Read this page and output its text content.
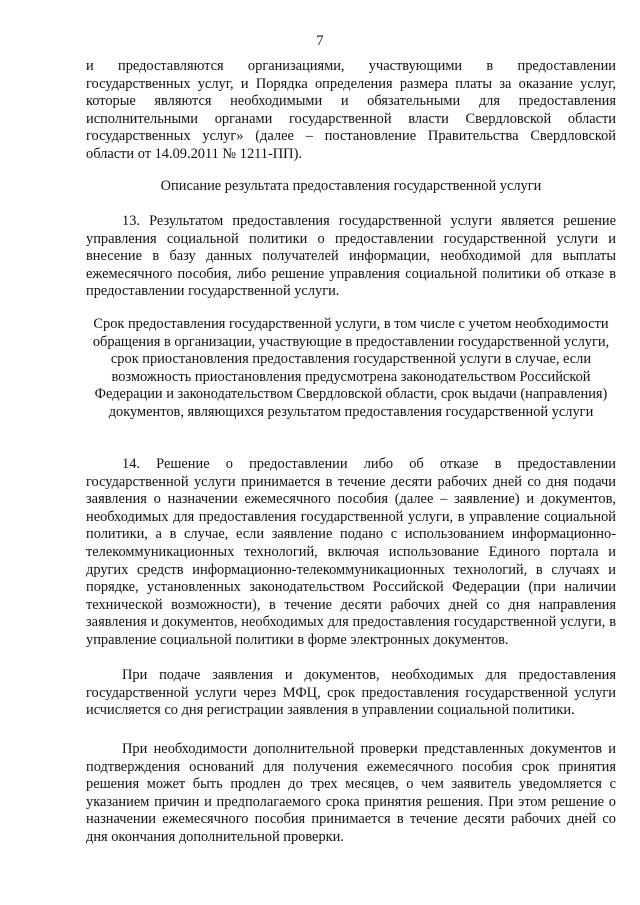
7

и предоставляются организациями, участвующими в предоставлении государственных услуг, и Порядка определения размера платы за оказание услуг, которые являются необходимыми и обязательными для предоставления исполнительными органами государственной власти Свердловской области государственных услуг» (далее – постановление Правительства Свердловской области от 14.09.2011 № 1211-ПП).

Описание результата предоставления государственной услуги

13. Результатом предоставления государственной услуги является решение управления социальной политики о предоставлении государственной услуги и внесение в базу данных получателей информации, необходимой для выплаты ежемесячного пособия, либо решение управления социальной политики об отказе в предоставлении государственной услуги.

Срок предоставления государственной услуги, в том числе с учетом необходимости обращения в организации, участвующие в предоставлении государственной услуги, срок приостановления предоставления государственной услуги в случае, если возможность приостановления предусмотрена законодательством Российской Федерации и законодательством Свердловской области, срок выдачи (направления) документов, являющихся результатом предоставления государственной услуги

14. Решение о предоставлении либо об отказе в предоставлении государственной услуги принимается в течение десяти рабочих дней со дня подачи заявления о назначении ежемесячного пособия (далее – заявление) и документов, необходимых для предоставления государственной услуги, в управление социальной политики, а в случае, если заявление подано с использованием информационно-телекоммуникационных технологий, включая использование Единого портала и других средств информационно-телекоммуникационных технологий, в случаях и порядке, установленных законодательством Российской Федерации (при наличии технической возможности), в течение десяти рабочих дней со дня направления заявления и документов, необходимых для предоставления государственной услуги, в управление социальной политики в форме электронных документов.

При подаче заявления и документов, необходимых для предоставления государственной услуги через МФЦ, срок предоставления государственной услуги исчисляется со дня регистрации заявления в управлении социальной политики.

При необходимости дополнительной проверки представленных документов и подтверждения оснований для получения ежемесячного пособия срок принятия решения может быть продлен до трех месяцев, о чем заявитель уведомляется с указанием причин и предполагаемого срока принятия решения. При этом решение о назначении ежемесячного пособия принимается в течение десяти рабочих дней со дня окончания дополнительной проверки.
